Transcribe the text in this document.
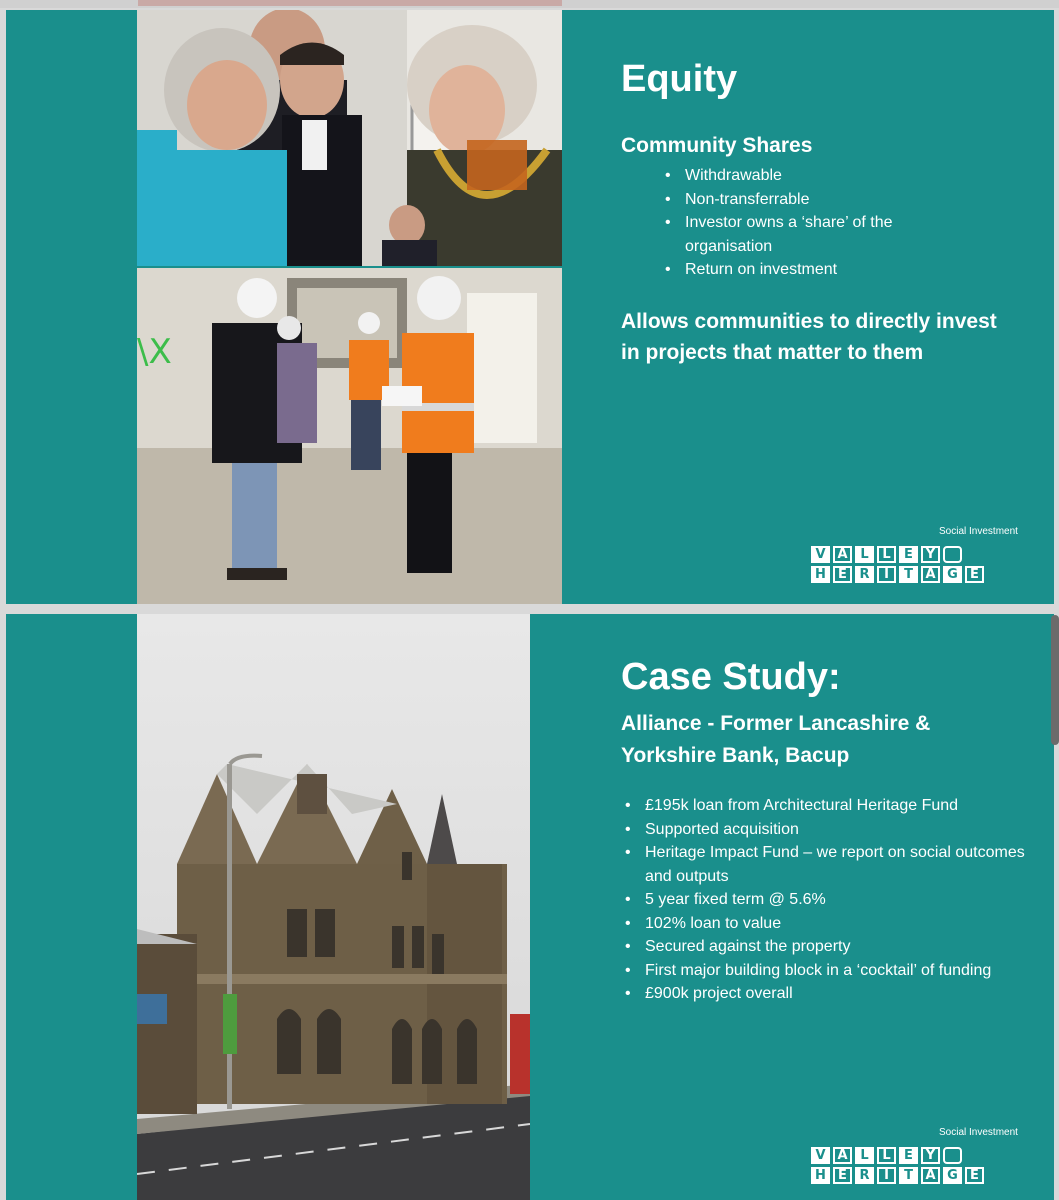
\X
Equity
Community Shares
• Withdrawable
• Non-transferrable
• Investor owns a ‘share’ of the organisation
• Return on investment

Allows communities to directly invest in projects that matter to them

Social Investment
V A L	L	E Y
H E R	I	T A G E
Case Study:
Alliance - Former Lancashire & Yorkshire Bank, Bacup
• £195k loan from Architectural Heritage Fund
• Supported acquisition
• Heritage Impact Fund – we report on social outcomes and outputs
• 5 year fixed term @ 5.6%
• 102% loan to value
• Secured against the property
• First major building block in a ‘cocktail’ of funding
• £900k project overall
Social Investment
V A L	L	E Y
H E R	I	T A G E
